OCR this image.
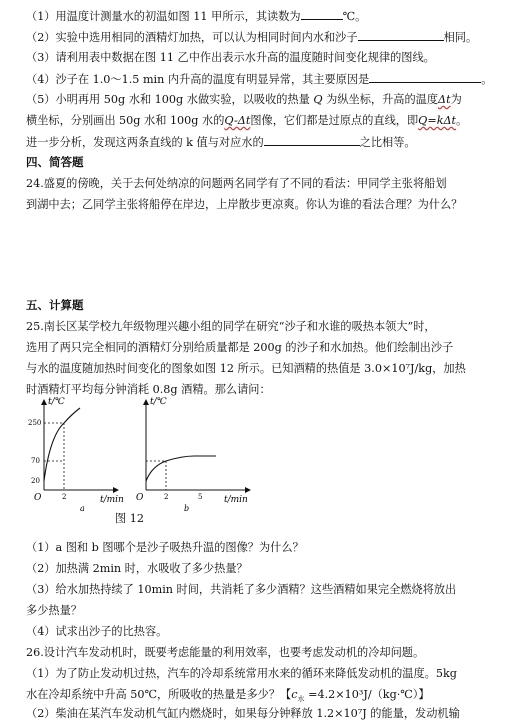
（1）用温度计测量水的初温如图 11 甲所示，其读数为	℃。
（2）实验中选用相同的酒精灯加热，可以认为相同时间内水和沙子	相同。
（3）请利用表中数据在图 11 乙中作出表示水升高的温度随时间变化规律的图线。
（4）沙子在 1.0～1.5 min 内升高的温度有明显异常，其主要原因是	。
（5）小明再用 50g 水和 100g 水做实验，以吸收的热量 Q 为纵坐标，升高的温度Δt为
横坐标，分别画出 50g 水和 100g 水的Q-Δt图像，它们都是过原点的直线，即Q=kΔt。
进一步分析，发现这两条直线的 k 值与对应水的	之比相等。
四、简答题
24.盛夏的傍晚，关于去何处纳凉的问题两名同学有了不同的看法：甲同学主张将船划
到湖中去；乙同学主张将船停在岸边，上岸散步更凉爽。你认为谁的看法合理？为什么？
五、计算题
25.南长区某学校九年级物理兴趣小组的同学在研究“沙子和水谁的吸热本领大”时，
选用了两只完全相同的酒精灯分别给质量都是 200g 的沙子和水加热。他们绘制出沙子
与水的温度随加热时间变化的图象如图 12 所示。已知酒精的热值是 3.0×10⁷J/kg，加热
时酒精灯平均每分钟消耗 0.8g 酒精。那么请问：
t/℃
t/min
O
250
70
20
2
a
t/℃
t/min
O	2	5
b
图 12
（1）a 图和 b 图哪个是沙子吸热升温的图像？为什么？
（2）加热满 2min 时，水吸收了多少热量？
（3）给水加热持续了 10min 时间，共消耗了多少酒精？这些酒精如果完全燃烧将放出
多少热量？
（4）试求出沙子的比热容。
26.设计汽车发动机时，既要考虑能量的利用效率，也要考虑发动机的冷却问题。
（1）为了防止发动机过热，汽车的冷却系统常用水来的循环来降低发动机的温度。5kg
水在冷却系统中升高 50℃，所吸收的热量是多少？【$c_水$ =4.2×10³J/（kg·℃）】
（2）柴油在某汽车发动机气缸内燃烧时，如果每分钟释放 1.2×10⁷J 的能量，发动机输
